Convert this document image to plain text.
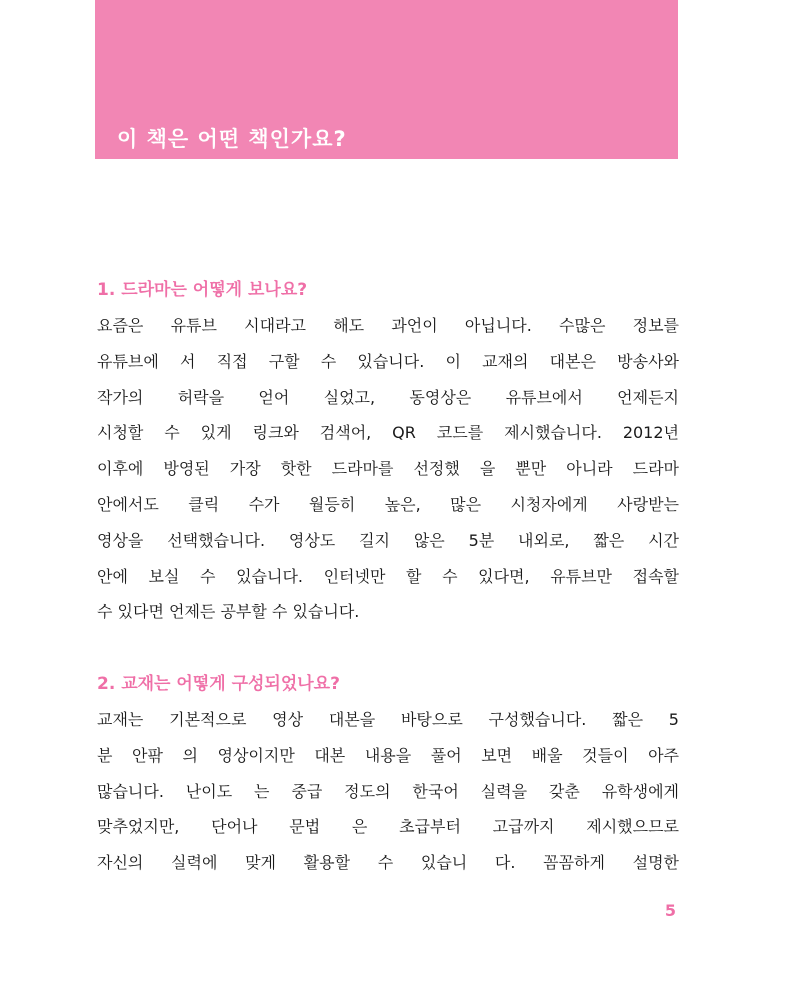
이 책은 어떤 책인가요?
1. 드라마는 어떻게 보나요?
요즘은 유튜브 시대라고 해도 과언이 아닙니다. 수많은 정보를
유튜브에 서 직접 구할 수 있습니다. 이 교재의 대본은 방송사와
작가의 허락을 얻어 실었고, 동영상은 유튜브에서 언제든지
시청할 수 있게 링크와 검색어, QR 코드를 제시했습니다. 2012년
이후에 방영된 가장 핫한 드라마를 선정했 을 뿐만 아니라 드라마
안에서도 클릭 수가 월등히 높은, 많은 시청자에게 사랑받는
영상을 선택했습니다. 영상도 길지 않은 5분 내외로, 짧은 시간
안에 보실 수 있습니다. 인터넷만 할 수 있다면, 유튜브만 접속할
수 있다면 언제든 공부할 수 있습니다.
2. 교재는 어떻게 구성되었나요?
교재는 기본적으로 영상 대본을 바탕으로 구성했습니다. 짧은 5
분 안팎 의 영상이지만 대본 내용을 풀어 보면 배울 것들이 아주
많습니다. 난이도 는 중급 정도의 한국어 실력을 갖춘 유학생에게
맞추었지만, 단어나 문법 은 초급부터 고급까지 제시했으므로
자신의 실력에 맞게 활용할 수 있습니 다. 꼼꼼하게 설명한
5
